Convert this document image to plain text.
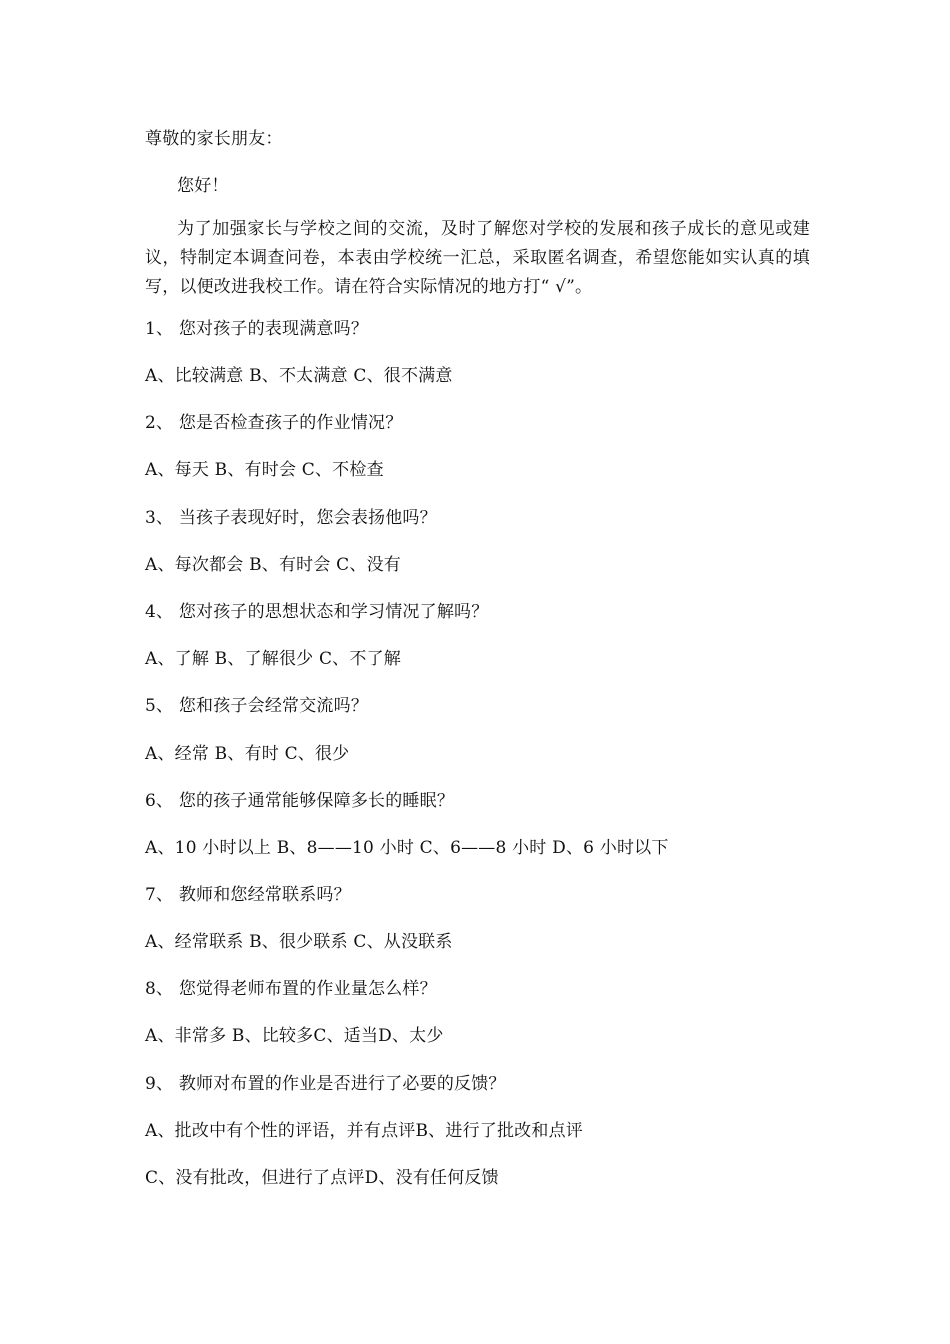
尊敬的家长朋友：
您好！
为了加强家长与学校之间的交流，及时了解您对学校的发展和孩子成长的意见或建议，特制定本调查问卷，本表由学校统一汇总，采取匿名调查，希望您能如实认真的填写，以便改进我校工作。请在符合实际情况的地方打“ √”。
1、 您对孩子的表现满意吗？
A、比较满意 B、不太满意 C、很不满意
2、 您是否检查孩子的作业情况？
A、每天 B、有时会 C、不检查
3、 当孩子表现好时，您会表扬他吗？
A、每次都会 B、有时会 C、没有
4、 您对孩子的思想状态和学习情况了解吗？
A、了解 B、了解很少 C、不了解
5、 您和孩子会经常交流吗？
A、经常 B、有时 C、很少
6、 您的孩子通常能够保障多长的睡眠？
A、10 小时以上 B、8——10 小时 C、6——8 小时 D、6 小时以下
7、 教师和您经常联系吗？
A、经常联系 B、很少联系 C、从没联系
8、 您觉得老师布置的作业量怎么样？
A、非常多 B、比较多C、适当D、太少
9、 教师对布置的作业是否进行了必要的反馈？
A、批改中有个性的评语，并有点评B、进行了批改和点评
C、没有批改，但进行了点评D、没有任何反馈
